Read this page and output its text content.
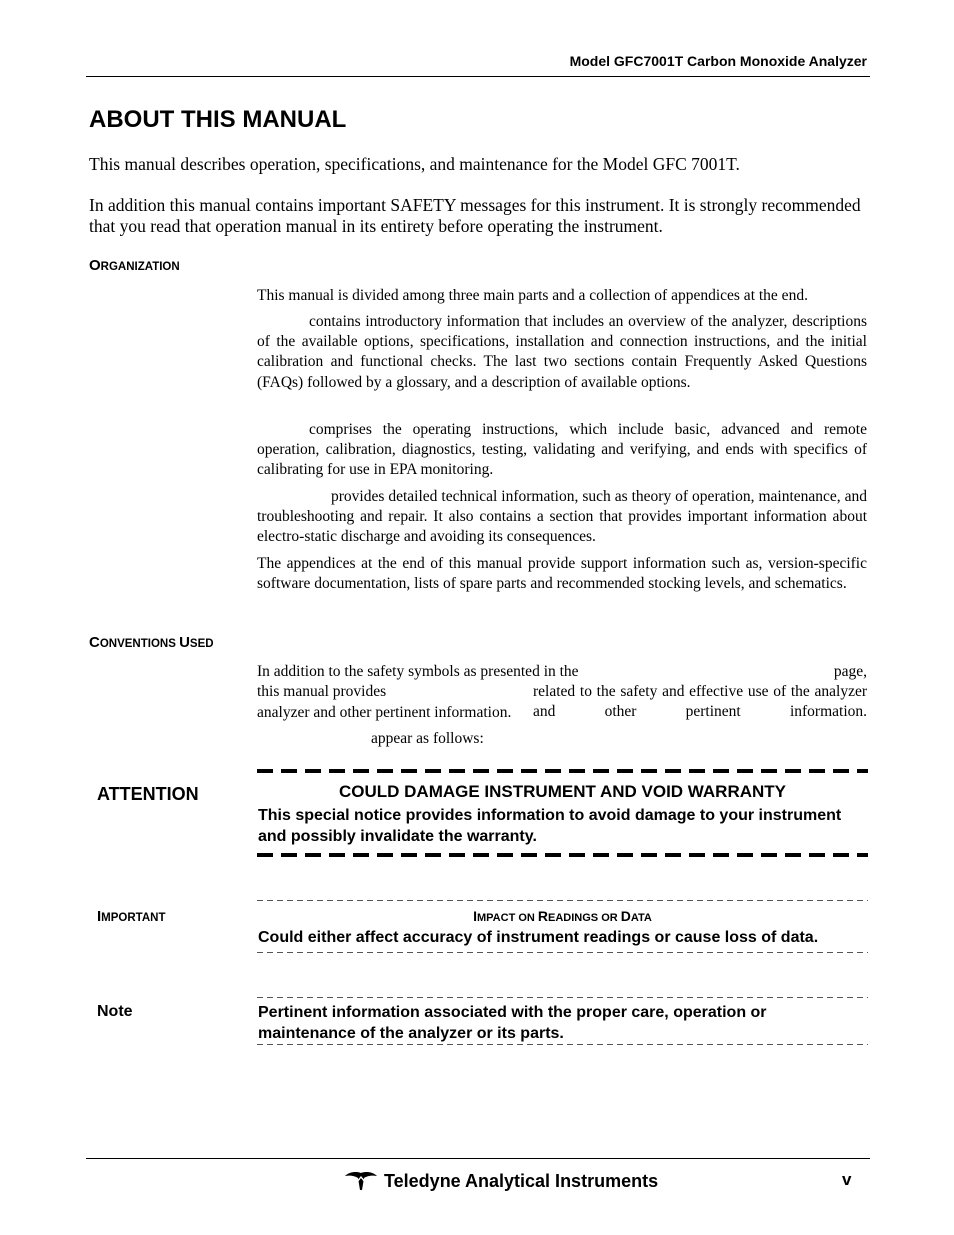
Model GFC7001T Carbon Monoxide Analyzer
ABOUT THIS MANUAL

This manual describes operation, specifications, and maintenance for the Model GFC 7001T.

In addition this manual contains important SAFETY messages for this instrument. It is strongly recommended that you read that operation manual in its entirety before operating the instrument.

ORGANIZATION

This manual is divided among three main parts and a collection of appendices at the end.

contains introductory information that includes an overview of the analyzer, descriptions of the available options, specifications, installation and connection instructions, and the initial calibration and functional checks. The last two sections contain Frequently Asked Questions (FAQs) followed by a glossary, and a description of available options.

comprises the operating instructions, which include basic, advanced and remote operation, calibration, diagnostics, testing, validating and verifying, and ends with specifics of calibrating for use in EPA monitoring.

provides detailed technical information, such as theory of operation, maintenance, and troubleshooting and repair. It also contains a section that provides important information about electro-static discharge and avoiding its consequences.

The appendices at the end of this manual provide support information such as, version-specific software documentation, lists of spare parts and recommended stocking levels, and schematics.

CONVENTIONS USED
In addition to the safety symbols as presented in the	page,
this manual provides	related to the safety and effective use of the analyzer and other pertinent information.
analyzer and other pertinent information.

appear as follows:

ATTENTION	COULD DAMAGE INSTRUMENT AND VOID WARRANTY
This special notice provides information to avoid damage to your instrument and possibly invalidate the warranty.
IMPORTANT	IMPACT ON READINGS OR DATA
Could either affect accuracy of instrument readings or cause loss of data.
Note	Pertinent information associated with the proper care, operation or maintenance of the analyzer or its parts.
Teledyne Analytical Instruments	v
